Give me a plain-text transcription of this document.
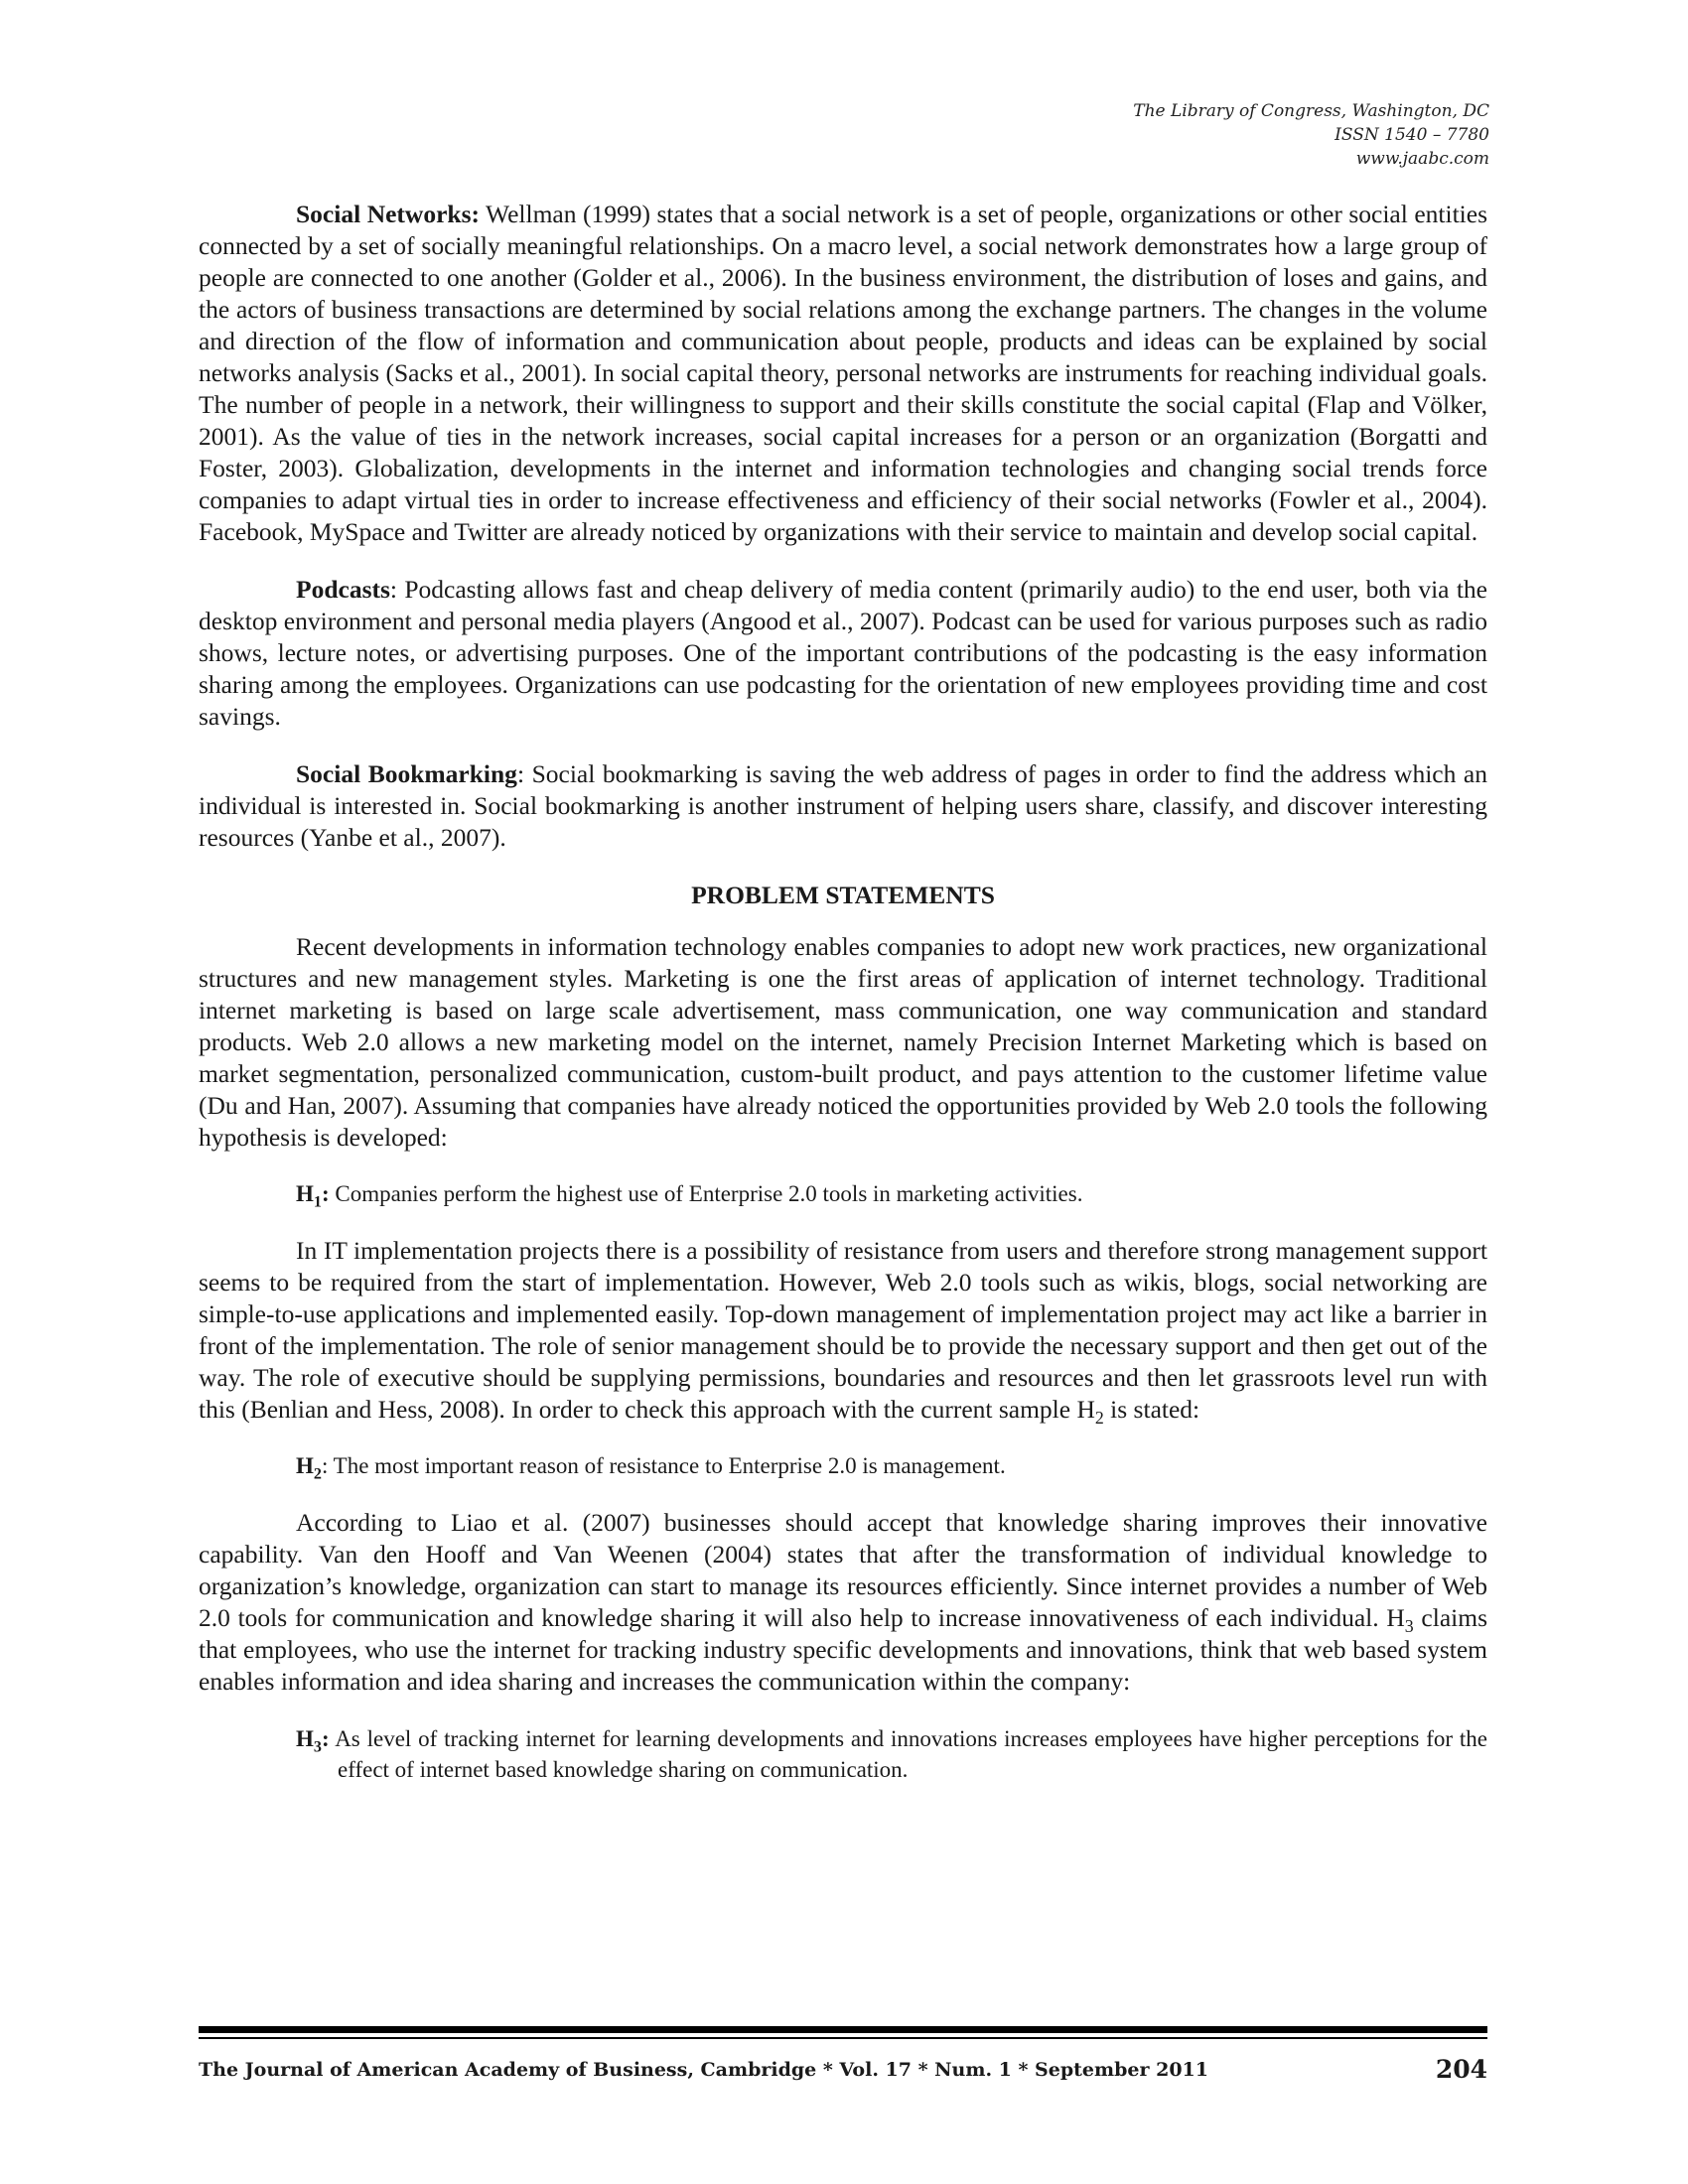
The Library of Congress, Washington, DC
ISSN 1540 – 7780
www.jaabc.com

Social Networks: Wellman (1999) states that a social network is a set of people, organizations or other social entities connected by a set of socially meaningful relationships. On a macro level, a social network demonstrates how a large group of people are connected to one another (Golder et al., 2006). In the business environment, the distribution of loses and gains, and the actors of business transactions are determined by social relations among the exchange partners. The changes in the volume and direction of the flow of information and communication about people, products and ideas can be explained by social networks analysis (Sacks et al., 2001). In social capital theory, personal networks are instruments for reaching individual goals. The number of people in a network, their willingness to support and their skills constitute the social capital (Flap and Völker, 2001). As the value of ties in the network increases, social capital increases for a person or an organization (Borgatti and Foster, 2003). Globalization, developments in the internet and information technologies and changing social trends force companies to adapt virtual ties in order to increase effectiveness and efficiency of their social networks (Fowler et al., 2004). Facebook, MySpace and Twitter are already noticed by organizations with their service to maintain and develop social capital.

Podcasts: Podcasting allows fast and cheap delivery of media content (primarily audio) to the end user, both via the desktop environment and personal media players (Angood et al., 2007). Podcast can be used for various purposes such as radio shows, lecture notes, or advertising purposes. One of the important contributions of the podcasting is the easy information sharing among the employees. Organizations can use podcasting for the orientation of new employees providing time and cost savings.

Social Bookmarking: Social bookmarking is saving the web address of pages in order to find the address which an individual is interested in. Social bookmarking is another instrument of helping users share, classify, and discover interesting resources (Yanbe et al., 2007).

PROBLEM STATEMENTS

Recent developments in information technology enables companies to adopt new work practices, new organizational structures and new management styles. Marketing is one the first areas of application of internet technology. Traditional internet marketing is based on large scale advertisement, mass communication, one way communication and standard products. Web 2.0 allows a new marketing model on the internet, namely Precision Internet Marketing which is based on market segmentation, personalized communication, custom-built product, and pays attention to the customer lifetime value (Du and Han, 2007). Assuming that companies have already noticed the opportunities provided by Web 2.0 tools the following hypothesis is developed:

$H_1$: Companies perform the highest use of Enterprise 2.0 tools in marketing activities.

In IT implementation projects there is a possibility of resistance from users and therefore strong management support seems to be required from the start of implementation. However, Web 2.0 tools such as wikis, blogs, social networking are simple-to-use applications and implemented easily. Top-down management of implementation project may act like a barrier in front of the implementation. The role of senior management should be to provide the necessary support and then get out of the way. The role of executive should be supplying permissions, boundaries and resources and then let grassroots level run with this (Benlian and Hess, 2008). In order to check this approach with the current sample $H_2$ is stated:

$H_2$: The most important reason of resistance to Enterprise 2.0 is management.

According to Liao et al. (2007) businesses should accept that knowledge sharing improves their innovative capability. Van den Hooff and Van Weenen (2004) states that after the transformation of individual knowledge to organization’s knowledge, organization can start to manage its resources efficiently. Since internet provides a number of Web 2.0 tools for communication and knowledge sharing it will also help to increase innovativeness of each individual. $H_3$ claims that employees, who use the internet for tracking industry specific developments and innovations, think that web based system enables information and idea sharing and increases the communication within the company:

$H_3$: As level of tracking internet for learning developments and innovations increases employees have higher perceptions for the effect of internet based knowledge sharing on communication.

The Journal of American Academy of Business, Cambridge * Vol. 17 * Num. 1 * September 2011	204
